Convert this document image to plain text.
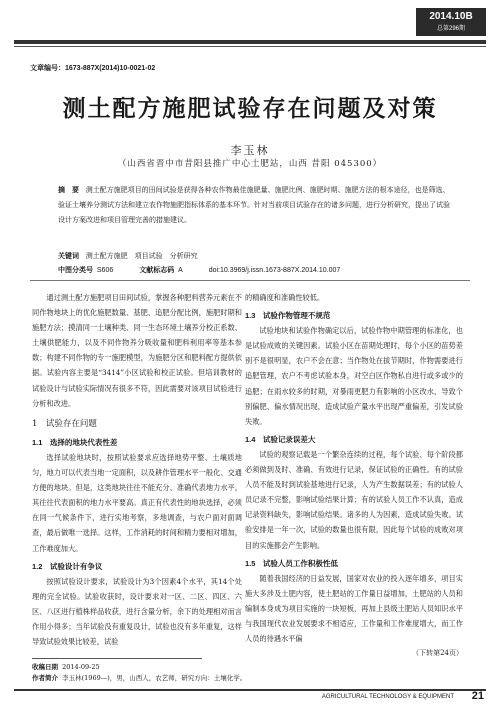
2014.10B
总第296期
文章编号：1673-887X(2014)10-0021-02
测土配方施肥试验存在问题及对策
李玉林
（山西省晋中市昔阳县推广中心土肥站，山西 昔阳 045300）
摘　要 测土配方施肥项目的田间试验是获得各种农作物最佳施肥量、施肥比例、施肥时期、施肥方法的根本途径，也是筛选、验证土壤养分测试方法和建立农作物施肥指标体系的基本环节。针对当前项目试验存在的诸多问题，进行分析研究，提出了试验设计方案改进和项目管理完善的措施建议。
关键词 测土配方施肥　项目试验　分析研究
中图分类号 S606	文献标志码 A	doi:10.3969/j.issn.1673-887X.2014.10.007

通过测土配方施肥项目田间试验，掌握各种肥料营养元素在不同作物地块上的优化施肥数量、基肥、追肥分配比例，施肥时期和施肥方法；摸清同一土壤种类、同一生态环境土壤养分校正系数、土壤供肥能力，以及不同作物养分吸收量和肥料利用率等基本参数；构建不同作物的专一施肥模型，为施肥分区和肥料配方提供依据。试验内容主要是“3414”小区试验和校正试验。但培训教材的试验设计与试验实际情况有很多不符，因此需要对该项目试验进行分析和改进。

1　试验存在问题
1.1　选择的地块代表性差

选择试验地块时，按照试验要求应选择地势平整、土壤质地匀，地力可以代表当地一定面积，以及耕作管理水平一般化、交通方便的地块。但是，这类地块往往不能充分、准确代表地力水平，其往往代表面积的地力水平要高。真正有代表性的地块选择，必须在同一气候条件下，进行实地考察，多地调查，与农户面对面调查，最后做唯一选择。这样，工作消耗的时间和精力要相对增加，工作难度加大。

1.2　试验设计有争议

按照试验设计要求，试验设计为3个因素4个水平，其14个处理的完全试验。试验收获时，设计要求对一区、二区、四区、六区、八区进行植株样品收获，进行含量分析，余下的处理相对而言作用小得多；当年试验没有重复设计，试验也没有多年重复，这样导致试验效果比较差，试验

的精确度和准确性较低。

1.3　试验作物管理不规范

试验地块和试验作物确定以后，试验作物中期管理的标准化，也是试验成败的关键因素。试验小区在苗期处理时，每个小区的苗势差别不是很明显，农户不会在意；当作物处在拔节期时，作物需要进行追肥管理，农户不考虑试验本身，对空白区作物私自进行或多或少的追肥；在雨水较多的时期，对暴雨更肥力有影响的小区改水，导致个别偏肥、偏水情况出现，造成试验产量水平出现严重偏差，引发试验失败。

1.4　试验记录误差大

试验的观察记载是一个繁杂连续的过程，每个试验、每个阶段都必须做到及时、准确、有效进行记录，保证试验的正确性。有的试验人员不能及时到试验基地进行记录，人为产生数据误差；有的试验人员记录不完整，影响试验结果计算；有的试验人员工作不认真，造成记录资料缺失，影响试验结果。诸多的人为因素，造成试验失败。试验安排是一年一次，试验的数量也很有限，因此每个试验的成败对项目的实施都会产生影响。

1.5　试验人员工作积极性低

随着我国经济的日益发展，国家对农业的投入逐年增多，项目实施大多涉及土肥内容，使土肥站的工作量日益增加，土肥站的人员和编制本身成为项目实施的一块短板，再加上县级土肥站人员知识水平与我国现代农业发展要求不相适应，工作量和工作难度增大，而工作人员的待遇水平偏

（下转第24页）
收稿日期 2014-09-25
作者简介 李玉林(1969—)，男，山西人，农艺师，研究方向：土壤化学。
AGRICULTURAL TECHNOLOGY & EQUIPMENT 21
